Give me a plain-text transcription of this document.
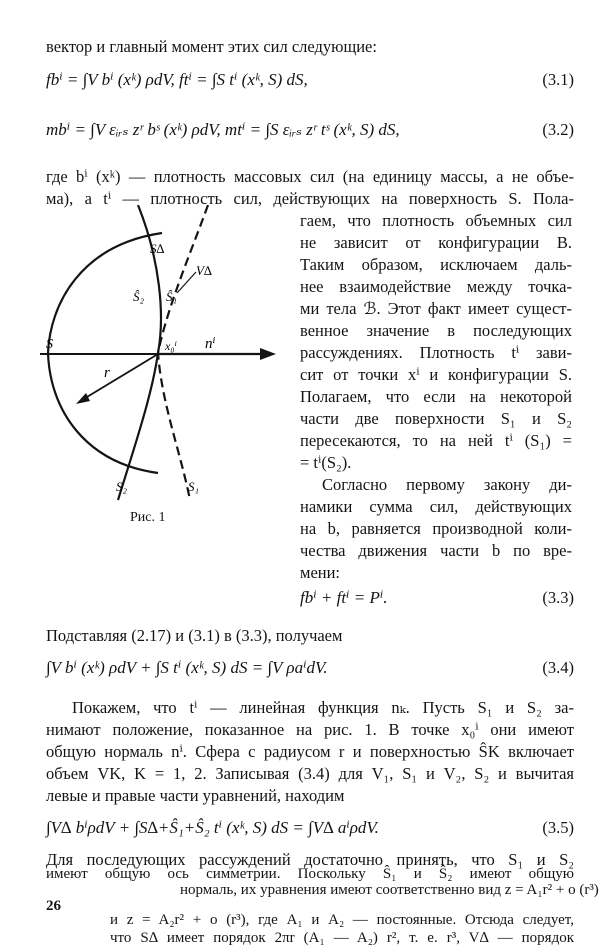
вектор и главный момент этих сил следующие:
fbⁱ = ∫V bⁱ (xᵏ) ρdV, ftⁱ = ∫S tⁱ (xᵏ, S) dS,	(3.1)
mbⁱ = ∫V εᵢᵣₛ zʳ bˢ (xᵏ) ρdV, mtⁱ = ∫S εᵢᵣₛ zʳ tˢ (xᵏ, S) dS,	(3.2)
где bⁱ (xᵏ) — плотность массовых сил (на единицу массы, а не объе-
ма), а tⁱ — плотность сил, действующих на поверхность S. Пола-
S∆
V∆
Ŝ₂ Ŝ₁
S	x₀ⁱ nⁱ
r
S₂	S₁
Рис. 1
гаем, что плотность объемных сил
не зависит от конфигурации B.
Таким образом, исключаем даль-
нее взаимодействие между точка-
ми тела ℬ. Этот факт имеет сущест-
венное значение в последующих
рассуждениях. Плотность tⁱ зави-
сит от точки xⁱ и конфигурации S.
Полагаем, что если на некоторой
части две поверхности S₁ и S₂
пересекаются, то на ней tⁱ (S₁) =
= tⁱ(S₂).
Согласно первому закону ди-
намики сумма сил, действующих
на b, равняется производной коли-
чества движения части b по вре-
мени:
fbⁱ + ftⁱ = Pⁱ.	(3.3)
Подставляя (2.17) и (3.1) в (3.3), получаем
∫V bⁱ (xᵏ) ρdV + ∫S tⁱ (xᵏ, S) dS = ∫V ρaⁱdV.	(3.4)
Покажем, что tⁱ — линейная функция nₖ. Пусть S₁ и S₂ за-
нимают положение, показанное на рис. 1. В точке x₀ⁱ они имеют
общую нормаль nⁱ. Сфера с радиусом r и поверхностью ŜK включает
объем VK, K = 1, 2. Записывая (3.4) для V₁, S₁ и V₂, S₂ и вычитая
левые и правые части уравнений, находим
∫V∆ bⁱρdV + ∫S∆+Ŝ₁+Ŝ₂ tⁱ (xᵏ, S) dS = ∫V∆ aⁱρdV.	(3.5)
Для последующих рассуждений достаточно принять, что S₁ и S₂
имеют общую ось симметрии. Поскольку Ŝ₁ и Ŝ₂ имеют общую
нормаль, их уравнения имеют соответственно вид z = A₁r² + o (r³)
и z = A₂r² + o (r³), где A₁ и A₂ — постоянные. Отсюда следует,
что S∆ имеет порядок 2πr (A₁ — A₂) r², т. е. r³, V∆ — порядок
26
